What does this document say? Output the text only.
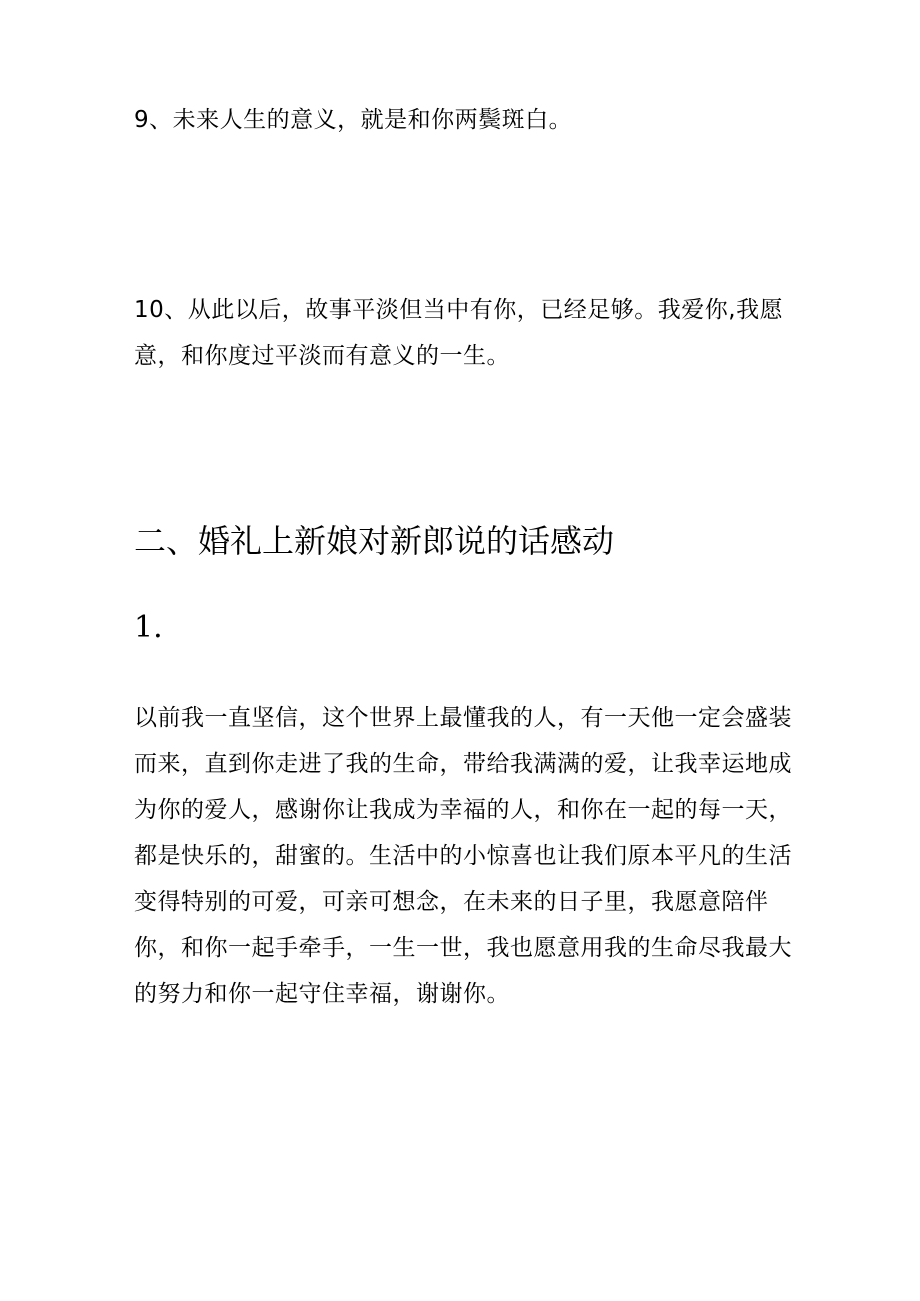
9、未来人生的意义，就是和你两鬓斑白。

10、从此以后，故事平淡但当中有你，已经足够。我爱你,我愿意，和你度过平淡而有意义的一生。

二、婚礼上新娘对新郎说的话感动
1.

以前我一直坚信，这个世界上最懂我的人，有一天他一定会盛装而来，直到你走进了我的生命，带给我满满的爱，让我幸运地成为你的爱人，感谢你让我成为幸福的人，和你在一起的每一天，都是快乐的，甜蜜的。生活中的小惊喜也让我们原本平凡的生活变得特别的可爱，可亲可想念，在未来的日子里，我愿意陪伴你，和你一起手牵手，一生一世，我也愿意用我的生命尽我最大的努力和你一起守住幸福，谢谢你。
